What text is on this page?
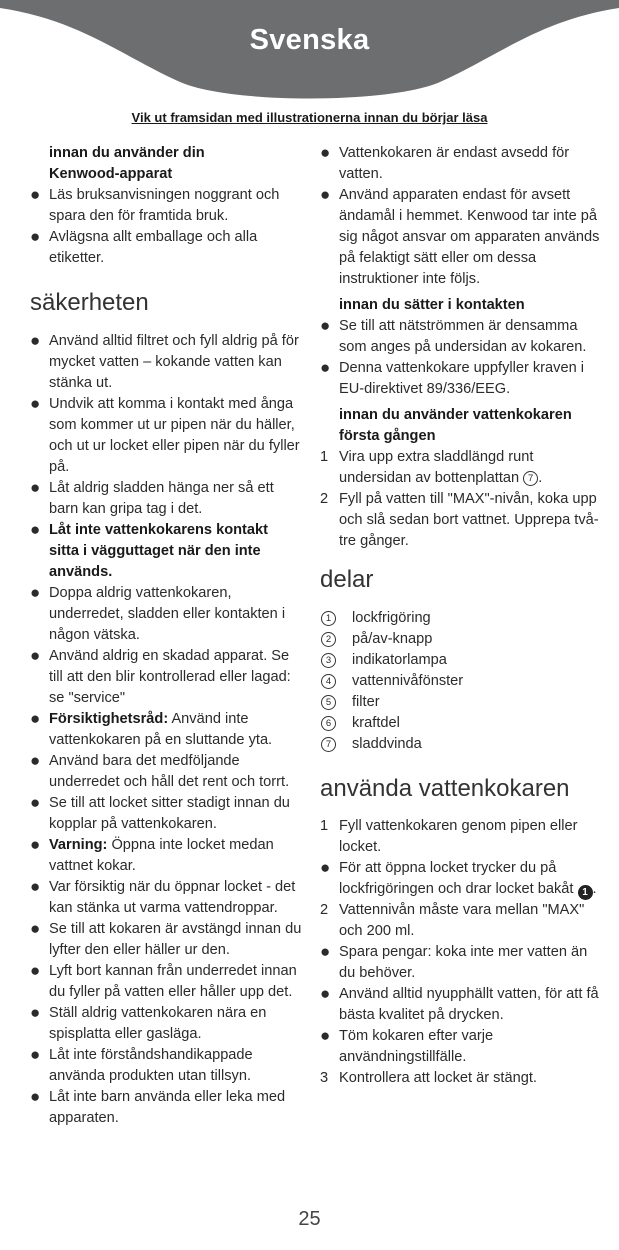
Svenska
Vik ut framsidan med illustrationerna innan du börjar läsa
innan du använder din Kenwood-apparat
● Läs bruksanvisningen noggrant och spara den för framtida bruk.
● Avlägsna allt emballage och alla etiketter.
säkerheten
● Använd alltid filtret och fyll aldrig på för mycket vatten – kokande vatten kan stänka ut.
● Undvik att komma i kontakt med ånga som kommer ut ur pipen när du häller, och ut ur locket eller pipen när du fyller på.
● Låt aldrig sladden hänga ner så ett barn kan gripa tag i det.
● Låt inte vattenkokarens kontakt sitta i vägguttaget när den inte används.
● Doppa aldrig vattenkokaren, underredet, sladden eller kontakten i någon vätska.
● Använd aldrig en skadad apparat. Se till att den blir kontrollerad eller lagad: se "service"
● Försiktighetsråd: Använd inte vattenkokaren på en sluttande yta.
● Använd bara det medföljande underredet och håll det rent och torrt.
● Se till att locket sitter stadigt innan du kopplar på vattenkokaren.
● Varning: Öppna inte locket medan vattnet kokar.
● Var försiktig när du öppnar locket - det kan stänka ut varma vattendroppar.
● Se till att kokaren är avstängd innan du lyfter den eller häller ur den.
● Lyft bort kannan från underredet innan du fyller på vatten eller håller upp det.
● Ställ aldrig vattenkokaren nära en spisplatta eller gasläga.
● Låt inte förståndshandikappade använda produkten utan tillsyn.
● Låt inte barn använda eller leka med apparaten.
● Vattenkokaren är endast avsedd för vatten.
● Använd apparaten endast för avsett ändamål i hemmet. Kenwood tar inte på sig något ansvar om apparaten används på felaktigt sätt eller om dessa instruktioner inte följs.
innan du sätter i kontakten
● Se till att nätströmmen är densamma som anges på undersidan av kokaren.
● Denna vattenkokare uppfyller kraven i EU-direktivet 89/336/EEG.
innan du använder vattenkokaren första gången
1 Vira upp extra sladdlängd runt undersidan av bottenplattan 7 .
2 Fyll på vatten till "MAX"-nivån, koka upp och slå sedan bort vattnet. Upprepa två-tre gånger.
delar
1	lockfrigöring
2	på/av-knapp
3	indikatorlampa
4	vattennivåfönster
5	filter
6	kraftdel
7	sladdvinda
använda vattenkokaren
1 Fyll vattenkokaren genom pipen eller locket.
● För att öppna locket trycker du på lockfrigöringen och drar locket bakåt 1 .
2 Vattennivån måste vara mellan "MAX" och 200 ml.
● Spara pengar: koka inte mer vatten än du behöver.
● Använd alltid nyupphällt vatten, för att få bästa kvalitet på drycken.
● Töm kokaren efter varje användningstillfälle.
3 Kontrollera att locket är stängt.
25
